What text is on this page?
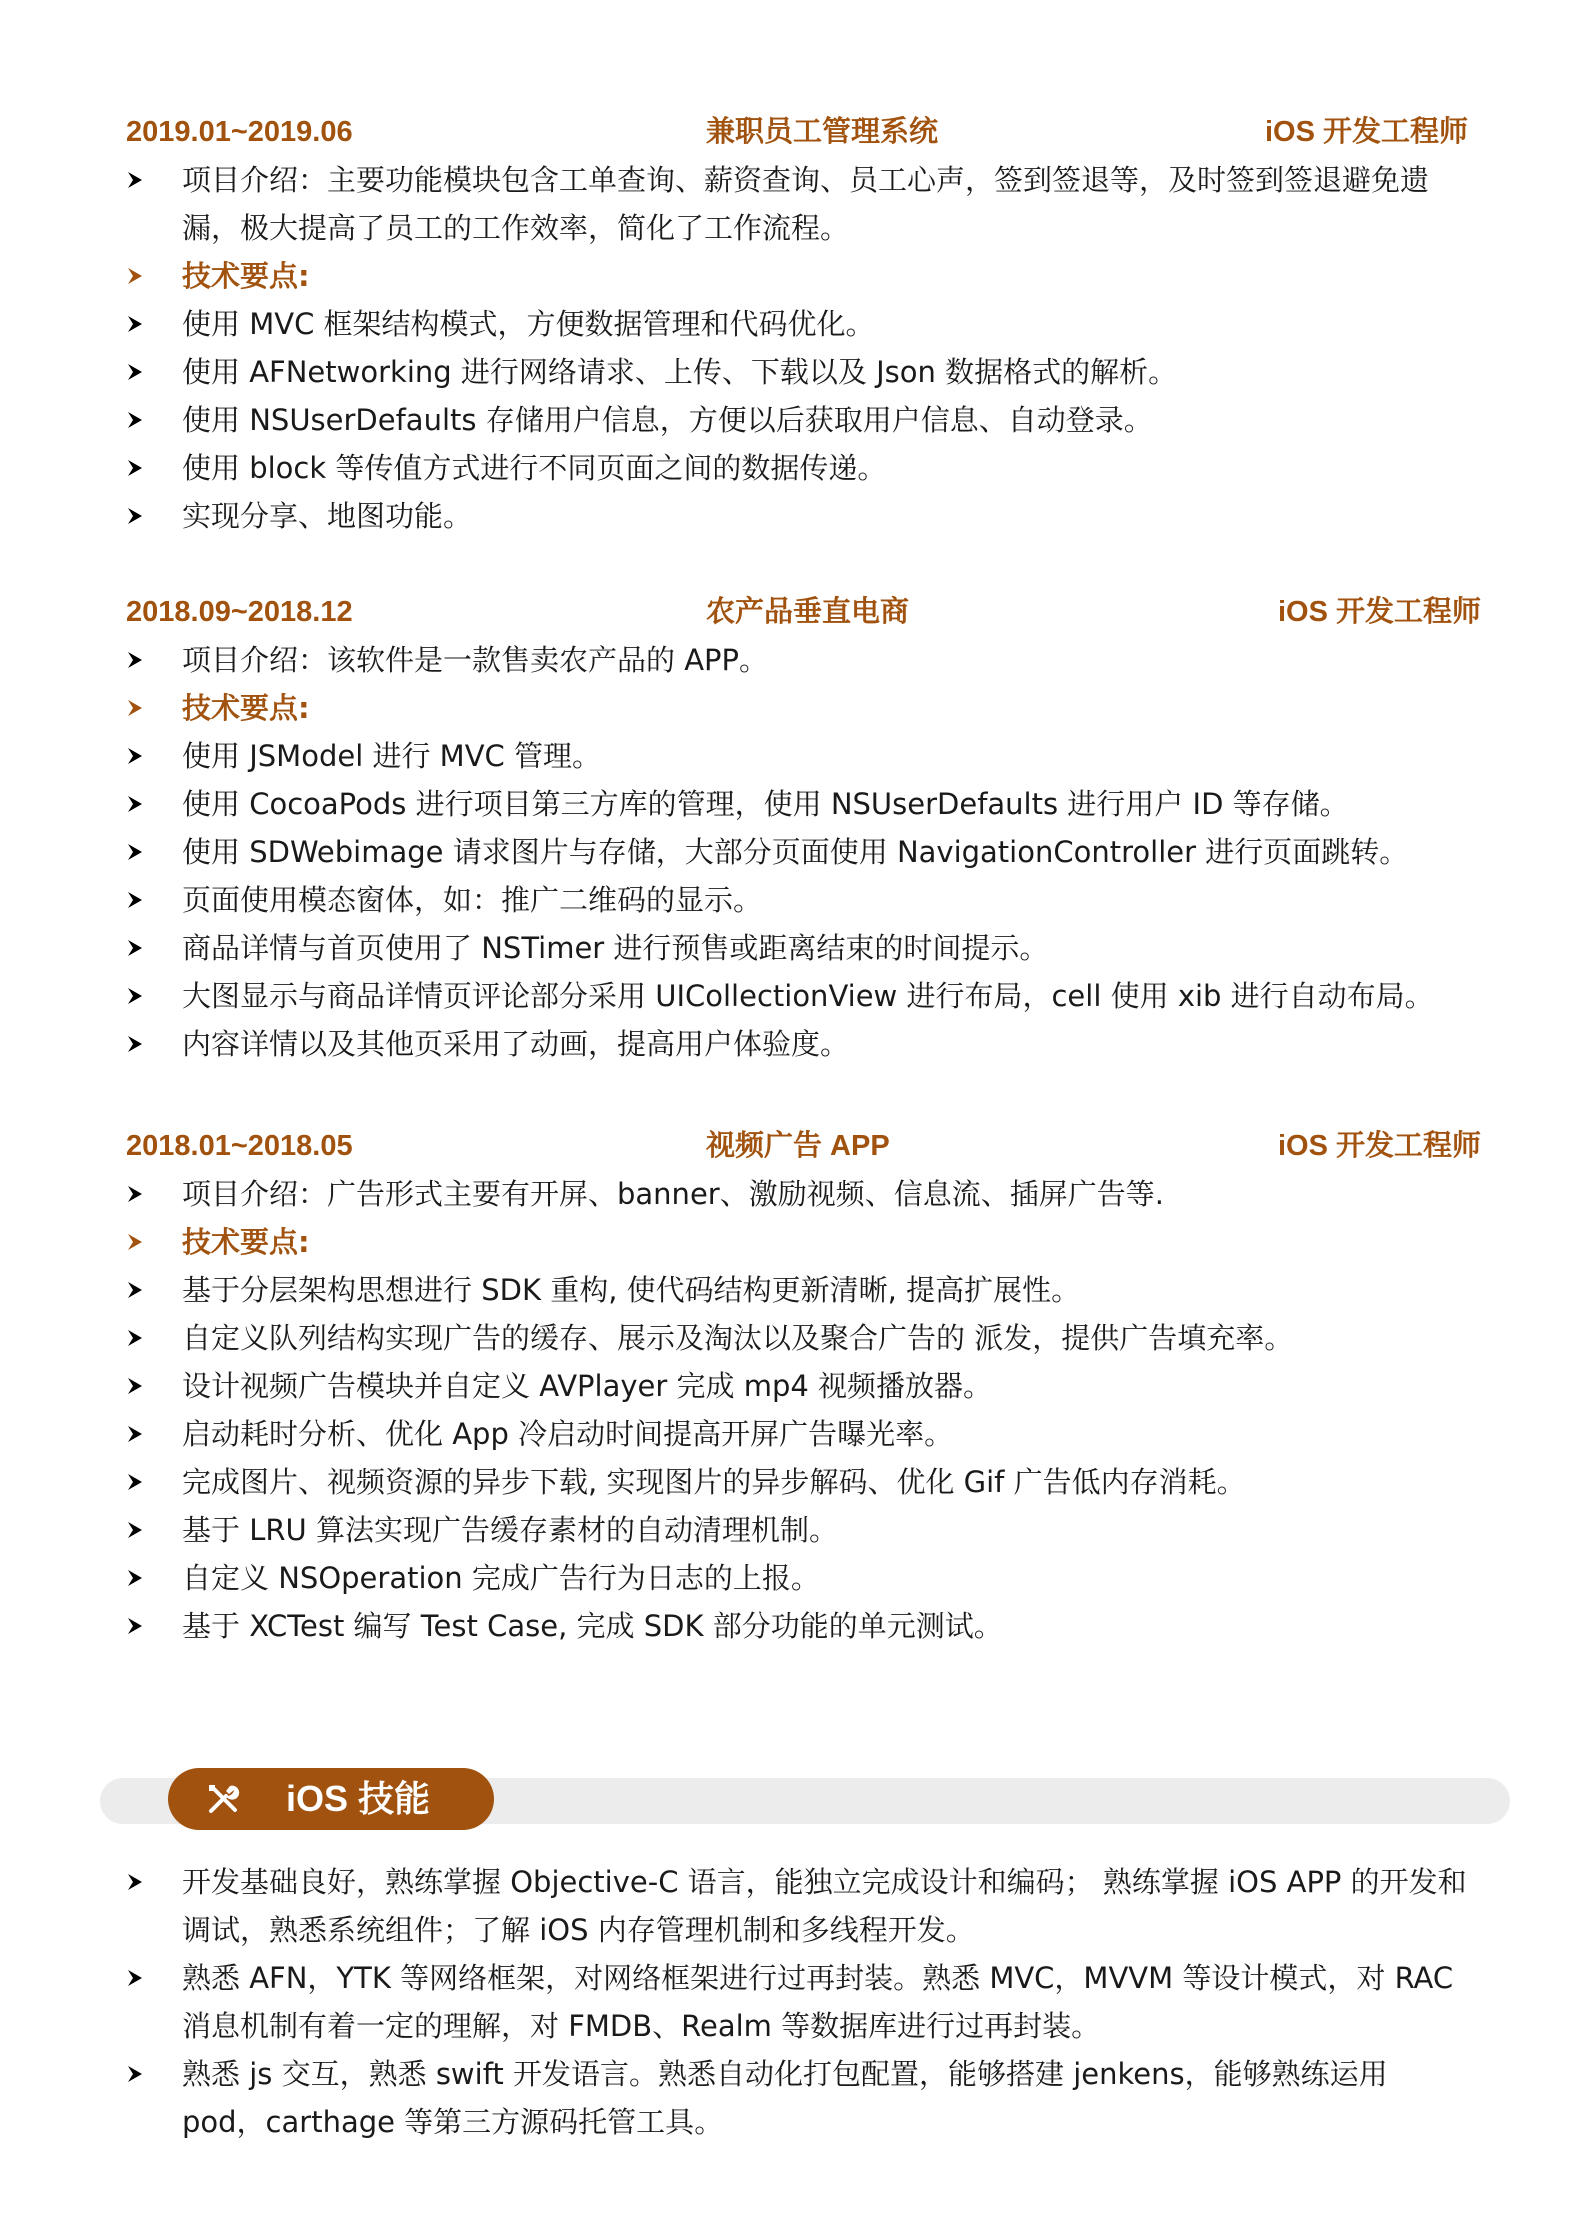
2019.01~2019.06	兼职员工管理系统	iOS 开发工程师
项目介绍：主要功能模块包含工单查询、薪资查询、员工心声，签到签退等，及时签到签退避免遗漏，极大提高了员工的工作效率，简化了工作流程。
技术要点:
使用 MVC 框架结构模式，方便数据管理和代码优化。
使用 AFNetworking 进行网络请求、上传、下载以及 Json 数据格式的解析。
使用 NSUserDefaults 存储用户信息，方便以后获取用户信息、自动登录。
使用 block 等传值方式进行不同页面之间的数据传递。
实现分享、地图功能。
2018.09~2018.12	农产品垂直电商	iOS 开发工程师
项目介绍：该软件是一款售卖农产品的 APP。
技术要点:
使用 JSModel 进行 MVC 管理。
使用 CocoaPods 进行项目第三方库的管理，使用 NSUserDefaults 进行用户 ID 等存储。
使用 SDWebimage 请求图片与存储，大部分页面使用 NavigationController 进行页面跳转。
页面使用模态窗体，如：推广二维码的显示。
商品详情与首页使用了 NSTimer 进行预售或距离结束的时间提示。
大图显示与商品详情页评论部分采用 UICollectionView 进行布局，cell 使用 xib 进行自动布局。
内容详情以及其他页采用了动画，提高用户体验度。
2018.01~2018.05	视频广告 APP	iOS 开发工程师
项目介绍：广告形式主要有开屏、banner、激励视频、信息流、插屏广告等.
技术要点:
基于分层架构思想进行 SDK 重构, 使代码结构更新清晰, 提高扩展性。
自定义队列结构实现广告的缓存、展示及淘汰以及聚合广告的 派发，提供广告填充率。
设计视频广告模块并自定义 AVPlayer 完成 mp4 视频播放器。
启动耗时分析、优化 App 冷启动时间提高开屏广告曝光率。
完成图片、视频资源的异步下载, 实现图片的异步解码、优化 Gif 广告低内存消耗。
基于 LRU 算法实现广告缓存素材的自动清理机制。
自定义 NSOperation 完成广告行为日志的上报。
基于 XCTest 编写 Test Case, 完成 SDK 部分功能的单元测试。
iOS 技能
开发基础良好，熟练掌握 Objective-C 语言，能独立完成设计和编码； 熟练掌握 iOS APP 的开发和调试，熟悉系统组件；了解 iOS 内存管理机制和多线程开发。
熟悉 AFN，YTK 等网络框架，对网络框架进行过再封装。熟悉 MVC，MVVM 等设计模式，对 RAC 消息机制有着一定的理解，对 FMDB、Realm 等数据库进行过再封装。
熟悉 js 交互，熟悉 swift 开发语言。熟悉自动化打包配置，能够搭建 jenkens，能够熟练运用 pod，carthage 等第三方源码托管工具。
